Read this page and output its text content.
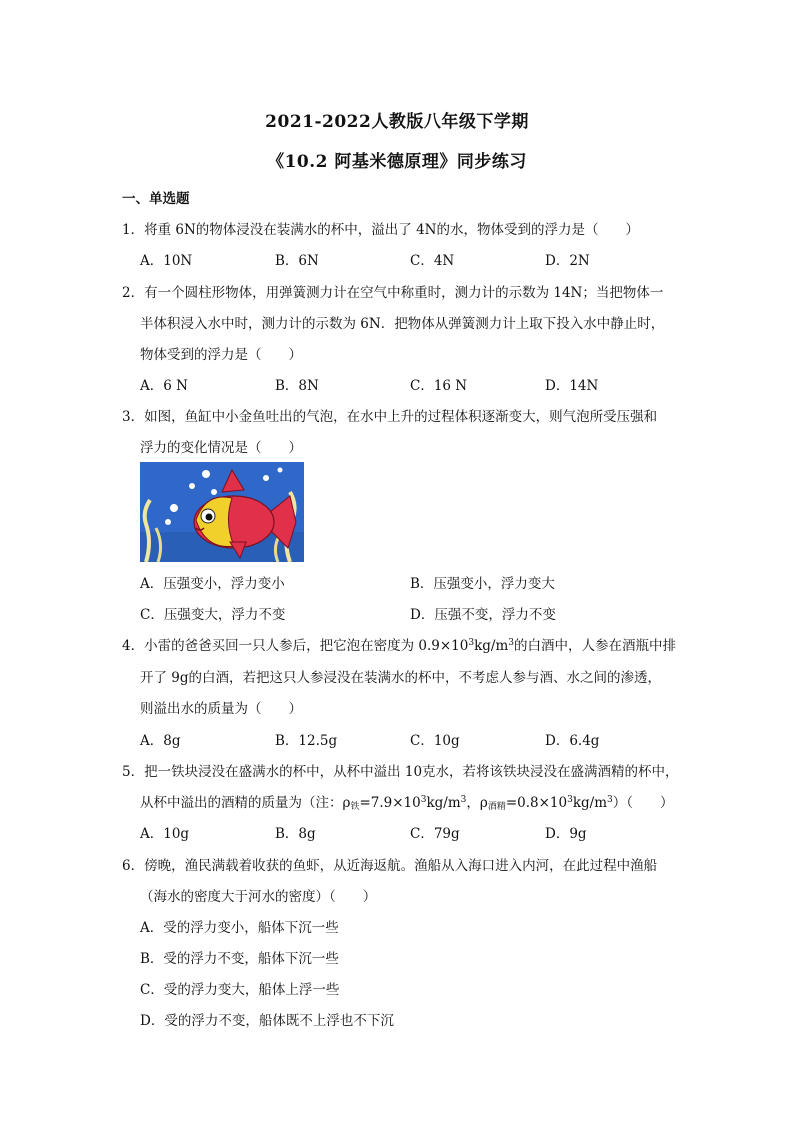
2021-2022人教版八年级下学期
《10.2 阿基米德原理》同步练习
一、单选题
1．将重 6N的物体浸没在装满水的杯中，溢出了 4N的水，物体受到的浮力是（　　）
A．10N	B．6N	C．4N	D．2N
2．有一个圆柱形物体，用弹簧测力计在空气中称重时，测力计的示数为 14N；当把物体一
半体积浸入水中时，测力计的示数为 6N．把物体从弹簧测力计上取下投入水中静止时，
物体受到的浮力是（　　）
A．6 N	B．8N	C．16 N	D．14N
3．如图，鱼缸中小金鱼吐出的气泡，在水中上升的过程体积逐渐变大，则气泡所受压强和
浮力的变化情况是（　　）
A．压强变小，浮力变小	B．压强变小，浮力变大
C．压强变大，浮力不变	D．压强不变，浮力不变
4．小雷的爸爸买回一只人参后，把它泡在密度为 $0.9\times 10^3kg/m^3$的白酒中，人参在酒瓶中排
开了 9g的白酒，若把这只人参浸没在装满水的杯中，不考虑人参与酒、水之间的渗透，
则溢出水的质量为（　　）
A．8g	B．12.5g	C．10g	D．6.4g
5．把一铁块浸没在盛满水的杯中，从杯中溢出 10克水，若将该铁块浸没在盛满酒精的杯中，
从杯中溢出的酒精的质量为（注：$\rho_铁=7.9\times 10^3kg/m^3$，$\rho_{酒精}=0.8\times 10^3kg/m^3$）（　　）
A．10g	B．8g	C．79g	D．9g
6．傍晚，渔民满载着收获的鱼虾，从近海返航。渔船从入海口进入内河，在此过程中渔船
（海水的密度大于河水的密度）（　　）
A．受的浮力变小，船体下沉一些
B．受的浮力不变，船体下沉一些
C．受的浮力变大，船体上浮一些
D．受的浮力不变，船体既不上浮也不下沉
